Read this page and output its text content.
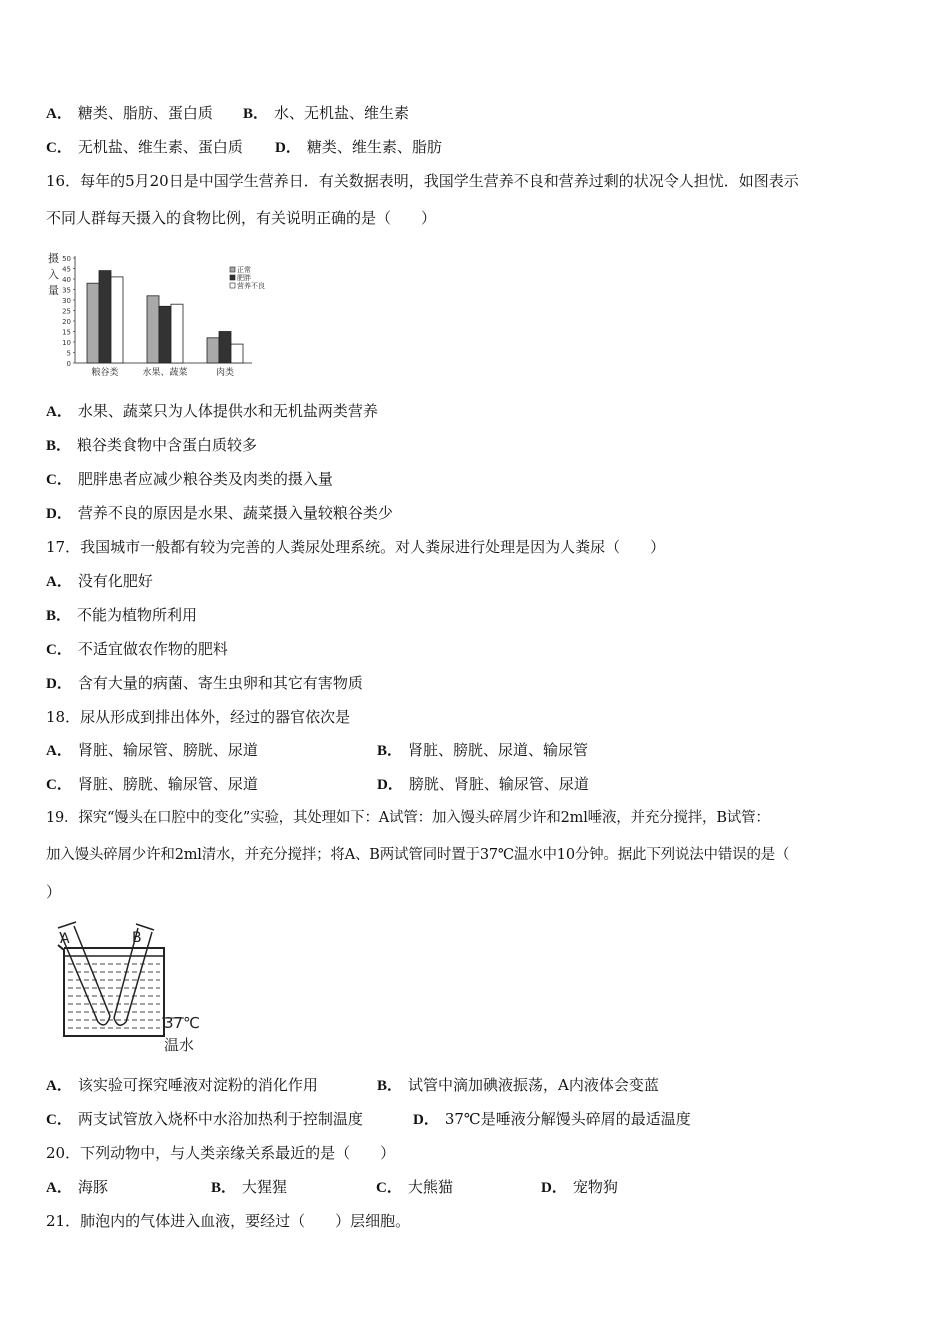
A． 糖类、脂肪、蛋白质 B． 水、无机盐、维生素
C． 无机盐、维生素、蛋白质 D． 糖类、维生素、脂肪
16．每年的5月20日是中国学生营养日．有关数据表明，我国学生营养不良和营养过剩的状况令人担忧．如图表示
不同人群每天摄入的食物比例，有关说明正确的是（　　）
摄
入
量
0
5
10
15
20
25
30
35
40
45
50
粮谷类	水果、蔬菜	肉类
正常
肥胖
营养不良
A． 水果、蔬菜只为人体提供水和无机盐两类营养
B． 粮谷类食物中含蛋白质较多
C． 肥胖患者应减少粮谷类及肉类的摄入量
D． 营养不良的原因是水果、蔬菜摄入量较粮谷类少
17．我国城市一般都有较为完善的人粪尿处理系统。对人粪尿进行处理是因为人粪尿（　　）
A． 没有化肥好
B． 不能为植物所利用
C． 不适宜做农作物的肥料
D． 含有大量的病菌、寄生虫卵和其它有害物质
18．尿从形成到排出体外，经过的器官依次是
A． 肾脏、输尿管、膀胱、尿道	B． 肾脏、膀胱、尿道、输尿管
C． 肾脏、膀胱、输尿管、尿道	D． 膀胱、肾脏、输尿管、尿道
19．探究“馒头在口腔中的变化”实验，其处理如下：A试管：加入馒头碎屑少许和2ml唾液，并充分搅拌，B试管：
加入馒头碎屑少许和2ml清水，并充分搅拌；将A、B两试管同时置于37℃温水中10分钟。据此下列说法中错误的是（
）
A	B
37℃
温水
A． 该实验可探究唾液对淀粉的消化作用	B． 试管中滴加碘液振荡，A内液体会变蓝
C． 两支试管放入烧杯中水浴加热利于控制温度	D． 37℃是唾液分解馒头碎屑的最适温度
20．下列动物中，与人类亲缘关系最近的是（　　）
A． 海豚	B． 大猩猩	C． 大熊猫	D． 宠物狗
21．肺泡内的气体进入血液，要经过（　　）层细胞。
